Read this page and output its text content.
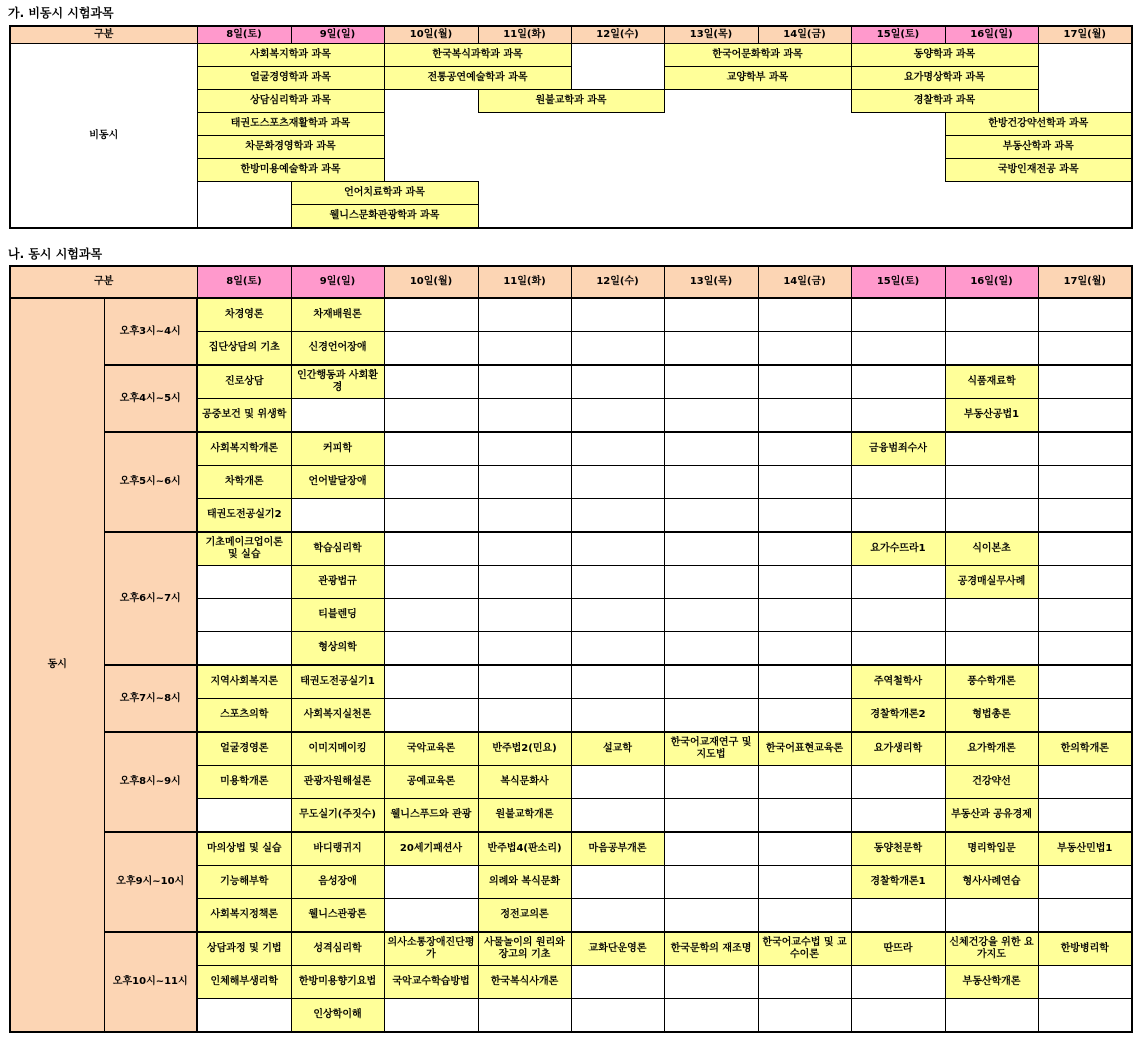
가. 비동시 시험과목
구분	8일(토)	9일(일)	10일(월)	11일(화)	12일(수)	13일(목)	14일(금)	15일(토)	16일(일)	17일(월)
비동시	사회복지학과 과목		한국복식과학과 과목			한국어문화학과 과목		동양학과 과목		
	얼굴경영학과 과목		전통공연예술학과 과목			교양학부 과목		요가명상학과 과목		
	상담심리학과 과목			원불교학과 과목				경찰학과 과목		
	태권도스포츠재활학과 과목								한방건강약선학과 과목	
	차문화경영학과 과목								부동산학과 과목	
	한방미용예술학과 과목								국방인재전공 과목	
		언어치료학과 과목								
		웰니스문화관광학과 과목								
나. 동시 시험과목
구분		8일(토)	9일(일)	10일(월)	11일(화)	12일(수)	13일(목)	14일(금)	15일(토)	16일(일)	17일(월)
동시	오후3시~4시	차경영론	차재배원론								
		집단상담의 기초	신경언어장애								
	오후4시~5시	진로상담	인간행동과 사회환경							식품재료학	
		공중보건 및 위생학								부동산공법1	
	오후5시~6시	사회복지학개론	커피학						금융범죄수사		
		차학개론	언어발달장애								
		태권도전공실기2									
	오후6시~7시	기초메이크업이론 및 실습	학습심리학						요가수뜨라1	식이본초	
			관광법규							공경매실무사례	
			티블렌딩								
			형상의학								
	오후7시~8시	지역사회복지론	태권도전공실기1						주역철학사	풍수학개론	
		스포츠의학	사회복지실천론						경찰학개론2	형법총론	
	오후8시~9시	얼굴경영론	이미지메이킹	국악교육론	반주법2(민요)	설교학	한국어교재연구 및 지도법	한국어표현교육론	요가생리학	요가학개론	한의학개론
		미용학개론	관광자원해설론	공예교육론	복식문화사					건강약선	
			무도실기(주짓수)	웰니스푸드와 관광	원불교학개론					부동산과 공유경제	
	오후9시~10시	마의상법 및 실습	바디랭귀지	20세기패션사	반주법4(판소리)	마음공부개론			동양천문학	명리학입문	부동산민법1
		기능해부학	음성장애		의례와 복식문화				경찰학개론1	형사사례연습	
		사회복지정책론	웰니스관광론		정전교의론						
	오후10시~11시	상담과정 및 기법	성격심리학	의사소통장애진단평가	사물놀이의 원리와 장고의 기초	교화단운영론	한국문학의 재조명	한국어교수법 및 교수이론	딴뜨라	신체건강을 위한 요가지도	한방병리학
		인체해부생리학	한방미용향기요법	국악교수학습방법	한국복식사개론					부동산학개론	
			인상학이해								
